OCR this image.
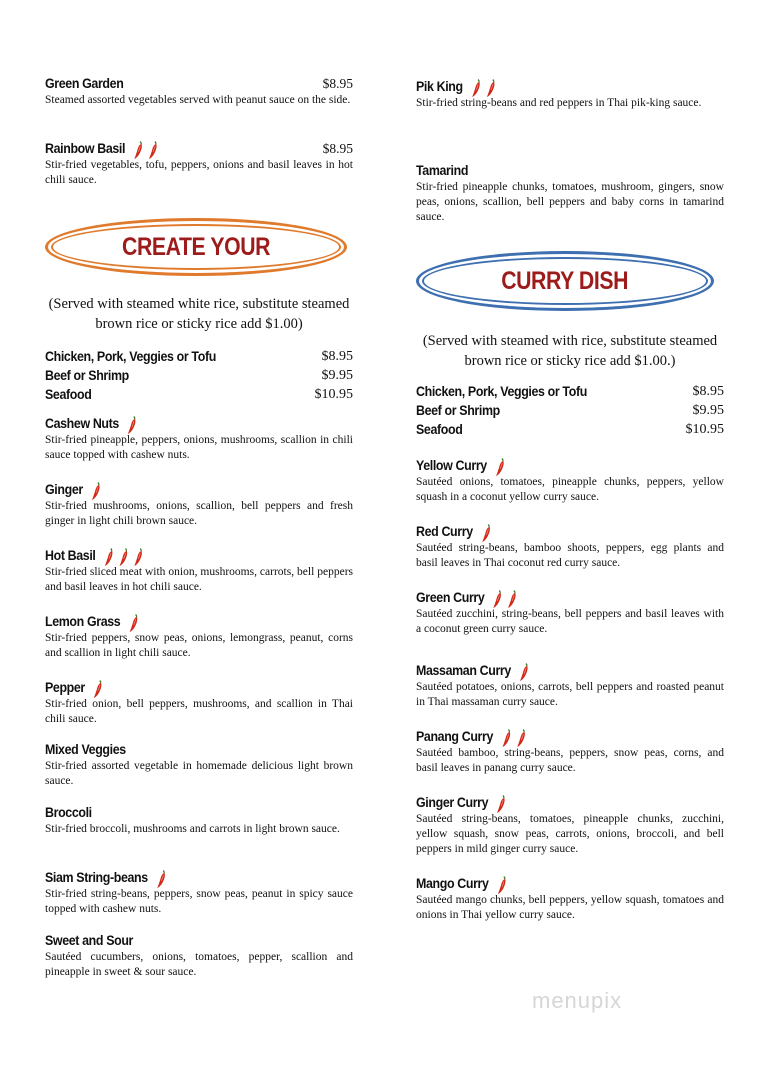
Green Garden	$8.95
Steamed assorted vegetables served with peanut sauce on the side.
Rainbow Basil	$8.95
Stir-fried vegetables, tofu, peppers, onions and basil leaves in hot chili sauce.
CREATE YOUR
(Served with steamed white rice, substitute steamed brown rice or sticky rice add $1.00)
Chicken, Pork, Veggies or Tofu	$8.95
Beef or Shrimp	$9.95
Seafood	$10.95
Cashew Nuts
Stir-fried pineapple, peppers, onions, mushrooms, scallion in chili sauce topped with cashew nuts.
Ginger
Stir-fried mushrooms, onions, scallion, bell peppers and fresh ginger in light chili brown sauce.
Hot Basil
Stir-fried sliced meat with onion, mushrooms, carrots, bell peppers and basil leaves in hot chili sauce.
Lemon Grass
Stir-fried peppers, snow peas, onions, lemongrass, peanut, corns and scallion in light chili sauce.
Pepper
Stir-fried onion, bell peppers, mushrooms, and scallion in Thai chili sauce.
Mixed Veggies
Stir-fried assorted vegetable in homemade delicious light brown sauce.
Broccoli
Stir-fried broccoli, mushrooms and carrots in light brown sauce.
Siam String-beans
Stir-fried string-beans, peppers, snow peas, peanut in spicy sauce topped with cashew nuts.
Sweet and Sour
Sautéed cucumbers, onions, tomatoes, pepper, scallion and pineapple in sweet & sour sauce.
Pik King
Stir-fried string-beans and red peppers in Thai pik-king sauce.
Tamarind
Stir-fried pineapple chunks, tomatoes, mushroom, gingers, snow peas, onions, scallion, bell peppers and baby corns in tamarind sauce.
CURRY DISH
(Served with steamed with rice, substitute steamed brown rice or sticky rice add $1.00.)
Chicken, Pork, Veggies or Tofu	$8.95
Beef or Shrimp	$9.95
Seafood	$10.95
Yellow Curry
Sautéed onions, tomatoes, pineapple chunks, peppers, yellow squash in a coconut yellow curry sauce.
Red Curry
Sautéed string-beans, bamboo shoots, peppers, egg plants and basil leaves in Thai coconut red curry sauce.
Green Curry
Sautéed zucchini, string-beans, bell peppers and basil leaves with a coconut green curry sauce.
Massaman Curry
Sautéed potatoes, onions, carrots, bell peppers and roasted peanut in Thai massaman curry sauce.
Panang Curry
Sautéed bamboo, string-beans, peppers, snow peas, corns, and basil leaves in panang curry sauce.
Ginger Curry
Sautéed string-beans, tomatoes, pineapple chunks, zucchini, yellow squash, snow peas, carrots, onions, broccoli, and bell peppers in mild ginger curry sauce.
Mango Curry
Sautéed mango chunks, bell peppers, yellow squash, tomatoes and onions in Thai yellow curry sauce.
menupix
